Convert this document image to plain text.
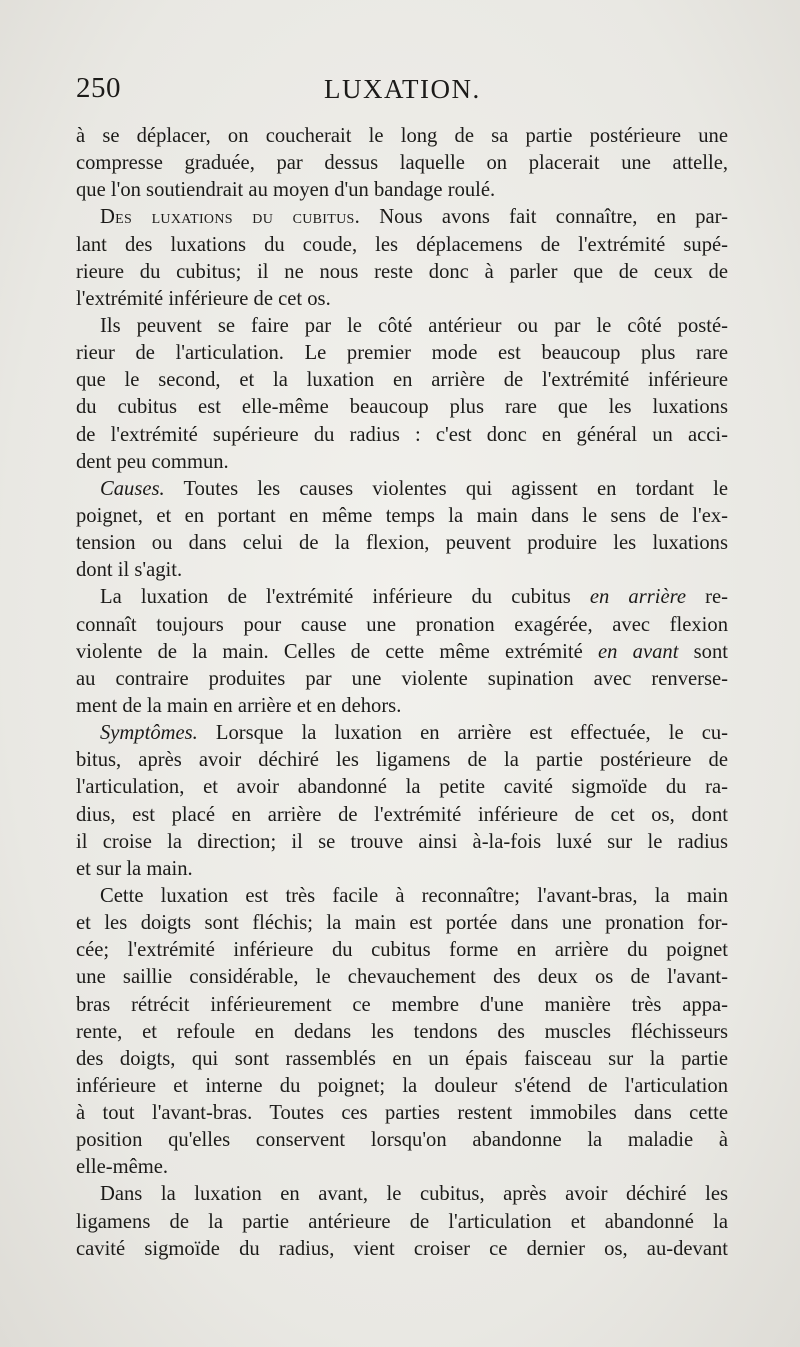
250	LUXATION.
à se déplacer, on coucherait le long de sa partie postérieure une
compresse graduée, par dessus laquelle on placerait une attelle,
que l'on soutiendrait au moyen d'un bandage roulé.
Des luxations du cubitus. Nous avons fait connaître, en par-
lant des luxations du coude, les déplacemens de l'extrémité supé-
rieure du cubitus; il ne nous reste donc à parler que de ceux de
l'extrémité inférieure de cet os.
Ils peuvent se faire par le côté antérieur ou par le côté posté-
rieur de l'articulation. Le premier mode est beaucoup plus rare
que le second, et la luxation en arrière de l'extrémité inférieure
du cubitus est elle-même beaucoup plus rare que les luxations
de l'extrémité supérieure du radius : c'est donc en général un acci-
dent peu commun.
Causes. Toutes les causes violentes qui agissent en tordant le
poignet, et en portant en même temps la main dans le sens de l'ex-
tension ou dans celui de la flexion, peuvent produire les luxations
dont il s'agit.
La luxation de l'extrémité inférieure du cubitus en arrière re-
connaît toujours pour cause une pronation exagérée, avec flexion
violente de la main. Celles de cette même extrémité en avant sont
au contraire produites par une violente supination avec renverse-
ment de la main en arrière et en dehors.
Symptômes. Lorsque la luxation en arrière est effectuée, le cu-
bitus, après avoir déchiré les ligamens de la partie postérieure de
l'articulation, et avoir abandonné la petite cavité sigmoïde du ra-
dius, est placé en arrière de l'extrémité inférieure de cet os, dont
il croise la direction; il se trouve ainsi à-la-fois luxé sur le radius
et sur la main.
Cette luxation est très facile à reconnaître; l'avant-bras, la main
et les doigts sont fléchis; la main est portée dans une pronation for-
cée; l'extrémité inférieure du cubitus forme en arrière du poignet
une saillie considérable, le chevauchement des deux os de l'avant-
bras rétrécit inférieurement ce membre d'une manière très appa-
rente, et refoule en dedans les tendons des muscles fléchisseurs
des doigts, qui sont rassemblés en un épais faisceau sur la partie
inférieure et interne du poignet; la douleur s'étend de l'articulation
à tout l'avant-bras. Toutes ces parties restent immobiles dans cette
position qu'elles conservent lorsqu'on abandonne la maladie à
elle-même.
Dans la luxation en avant, le cubitus, après avoir déchiré les
ligamens de la partie antérieure de l'articulation et abandonné la
cavité sigmoïde du radius, vient croiser ce dernier os, au-devant
